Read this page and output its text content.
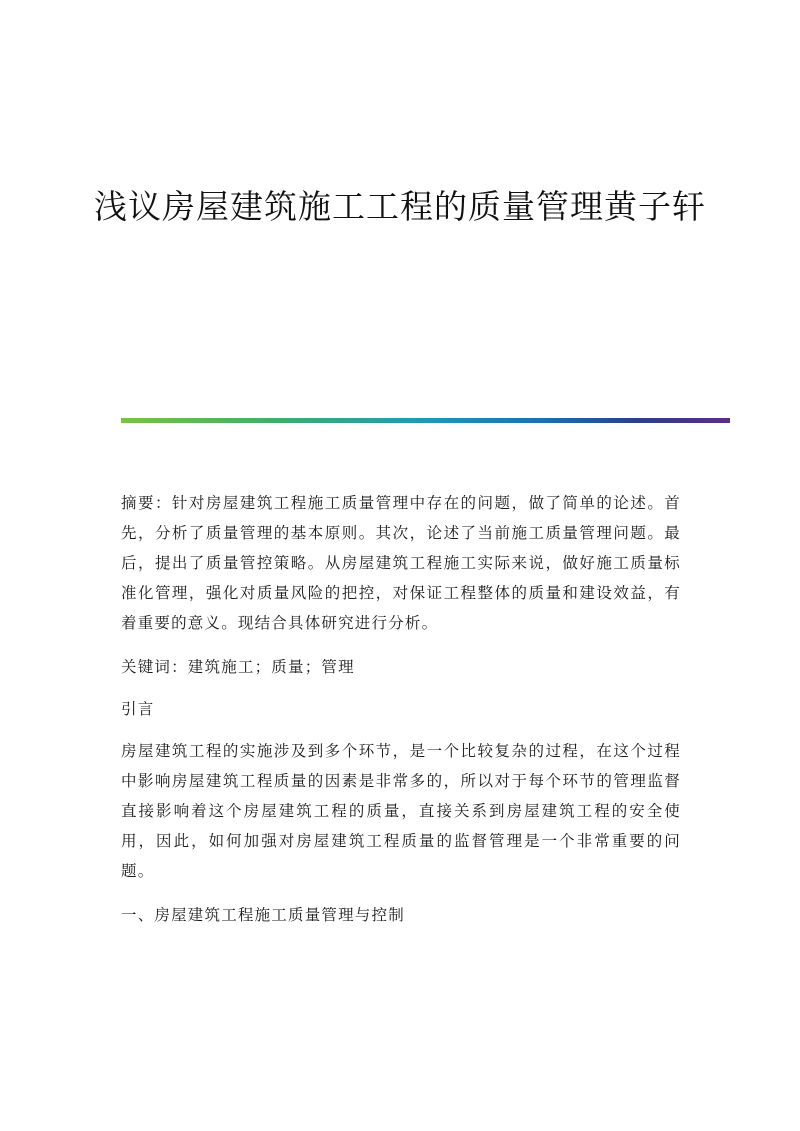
浅议房屋建筑施工工程的质量管理黄子轩

摘要：针对房屋建筑工程施工质量管理中存在的问题，做了简单的论述。首先，分析了质量管理的基本原则。其次，论述了当前施工质量管理问题。最后，提出了质量管控策略。从房屋建筑工程施工实际来说，做好施工质量标准化管理，强化对质量风险的把控，对保证工程整体的质量和建设效益，有着重要的意义。现结合具体研究进行分析。

关键词：建筑施工；质量；管理

引言

房屋建筑工程的实施涉及到多个环节，是一个比较复杂的过程，在这个过程中影响房屋建筑工程质量的因素是非常多的，所以对于每个环节的管理监督直接影响着这个房屋建筑工程的质量，直接关系到房屋建筑工程的安全使用，因此，如何加强对房屋建筑工程质量的监督管理是一个非常重要的问题。

一、房屋建筑工程施工质量管理与控制
